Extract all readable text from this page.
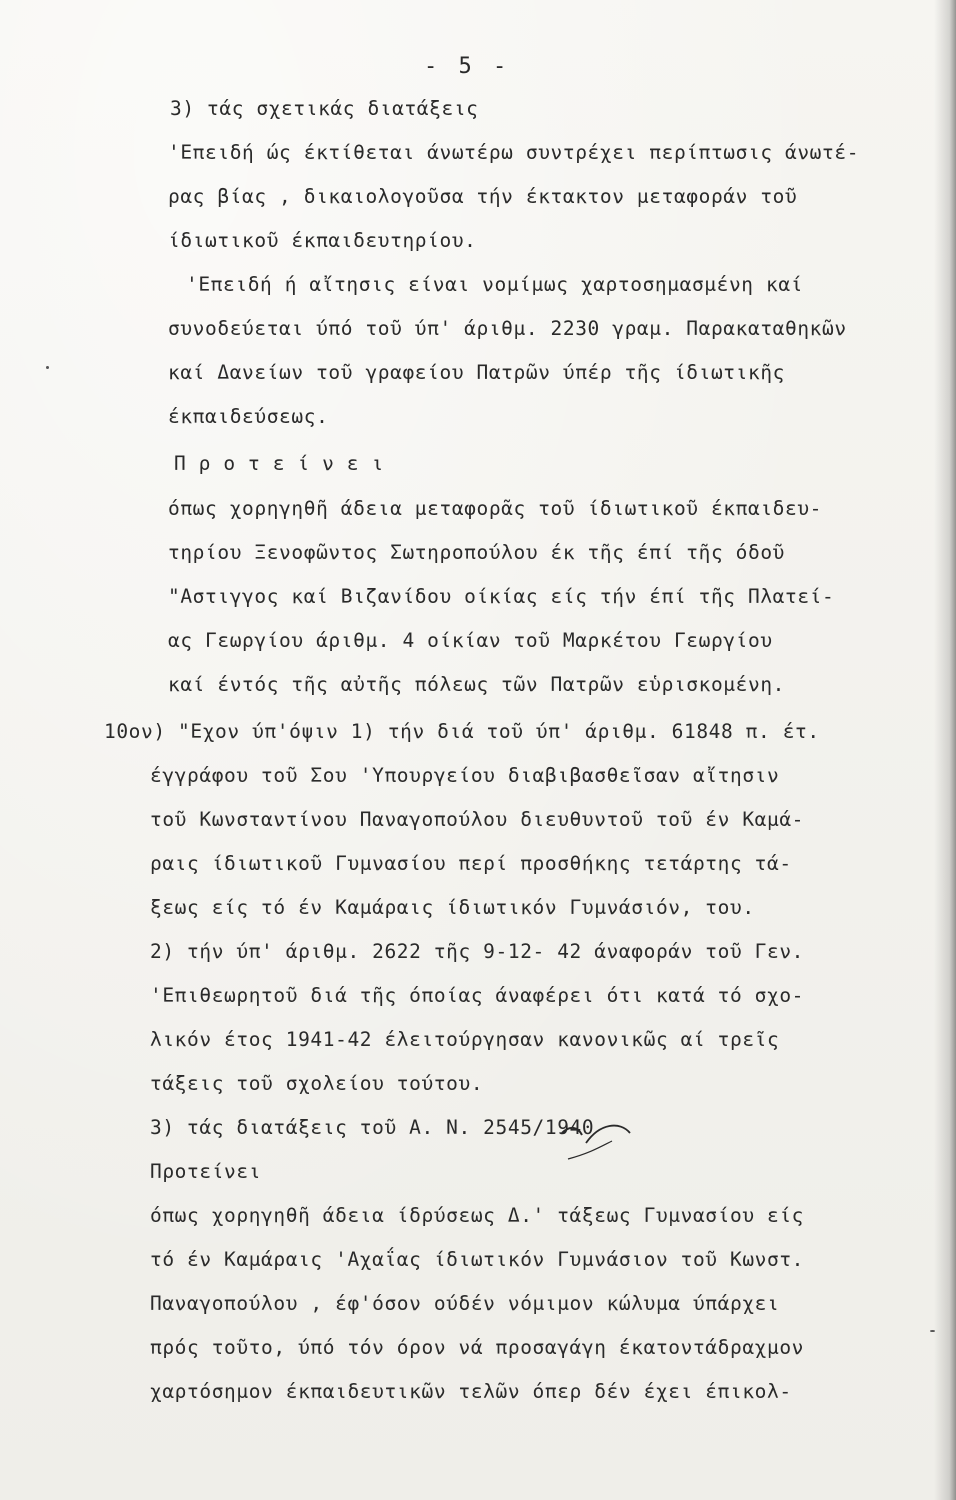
- 5 -
3) τάς σχετικάς διατάξεις
'Επειδή ώς έκτίθεται άνωτέρω συντρέχει περίπτωσις άνωτέ-
ρας βίας , δικαιολογοῦσα τήν έκτακτον μεταφοράν τοῦ
ίδιωτικοῦ έκπαιδευτηρίου.
'Επειδή ή αἴτησις είναι νομίμως χαρτοσημασμένη καί
συνοδεύεται ύπό τοῦ ύπ' άριθμ. 2230 γραμ. Παρακαταθηκῶν
καί Δανείων τοῦ γραφείου Πατρῶν ύπέρ τῆς ίδιωτικῆς
έκπαιδεύσεως.
Π ρ ο τ ε ί ν ε ι
όπως χορηγηθῆ άδεια μεταφορᾶς τοῦ ίδιωτικοῦ έκπαιδευ-
τηρίου Ξενοφῶντος Σωτηροπούλου έκ τῆς έπί τῆς όδοῦ
"Αστιγγος καί Βιζανίδου οίκίας είς τήν έπί τῆς Πλατεί-
ας Γεωργίου άριθμ. 4 οίκίαν τοῦ Μαρκέτου Γεωργίου
καί έντός τῆς αὐτῆς πόλεως τῶν Πατρῶν εὑρισκομένη.
10ον) "Εχον ύπ'όψιν 1) τήν διά τοῦ ύπ' άριθμ. 61848 π. έτ.
έγγράφου τοῦ Σου 'Υπουργείου διαβιβασθεῖσαν αἴτησιν
τοῦ Κωνσταντίνου Παναγοπούλου διευθυντοῦ τοῦ έν Καμά-
ραις ίδιωτικοῦ Γυμνασίου περί προσθήκης τετάρτης τά-
ξεως είς τό έν Καμάραις ίδιωτικόν Γυμνάσιόν, του.
2) τήν ύπ' άριθμ. 2622 τῆς 9-12- 42 άναφοράν τοῦ Γεν.
'Επιθεωρητοῦ διά τῆς όποίας άναφέρει ότι κατά τό σχο-
λικόν έτος 1941-42 έλειτούργησαν κανονικῶς αί τρεῖς
τάξεις τοῦ σχολείου τούτου.
3) τάς διατάξεις τοῦ Α. Ν. 2545/1940
Προτείνει
όπως χορηγηθῆ άδεια ίδρύσεως Δ.' τάξεως Γυμνασίου είς
τό έν Καμάραις 'Αχαΐας ίδιωτικόν Γυμνάσιον τοῦ Κωνστ.
Παναγοπούλου , έφ'όσον ούδέν νόμιμον κώλυμα ύπάρχει
πρός τοῦτο, ύπό τόν όρον νά προσαγάγη έκατοντάδραχμον
χαρτόσημον έκπαιδευτικῶν τελῶν όπερ δέν έχει έπικολ-
